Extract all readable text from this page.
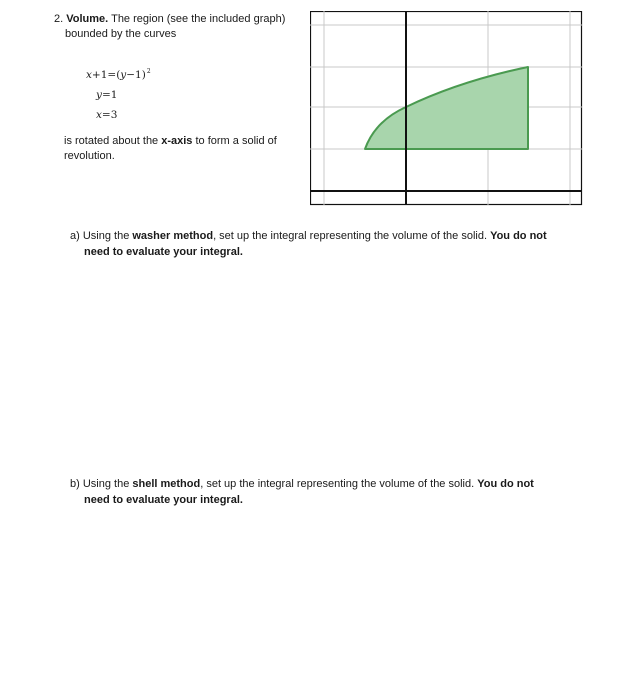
2. Volume. The region (see the included graph)
bounded by the curves
$x+1=(y-1)^2$
y=1
x=3
is rotated about the x-axis to form a solid of revolution.
a) Using the washer method, set up the integral representing the volume of the solid. You do not
need to evaluate your integral.
b) Using the shell method, set up the integral representing the volume of the solid. You do not
need to evaluate your integral.
